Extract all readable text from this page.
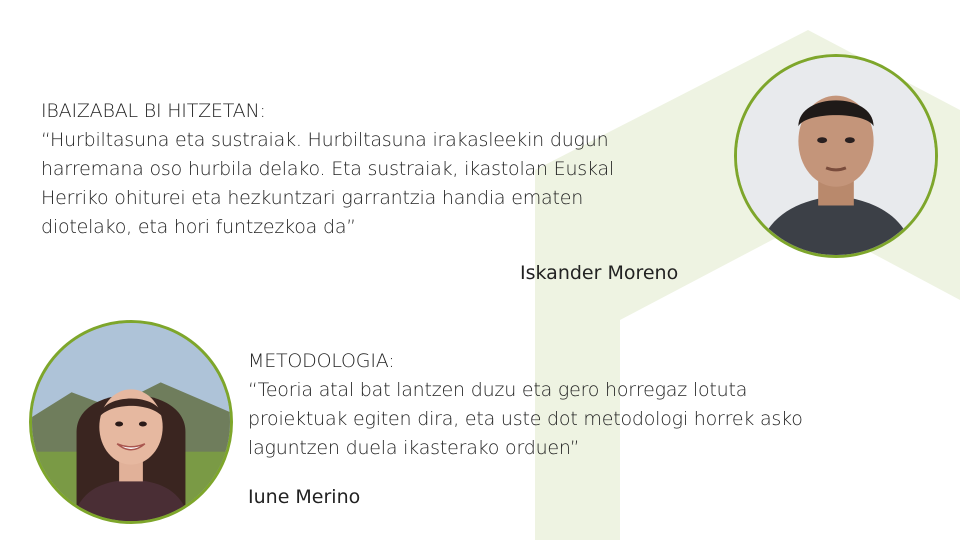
IBAIZABAL BI HITZETAN:

“Hurbiltasuna eta sustraiak. Hurbiltasuna irakasleekin dugun

harremana oso hurbila delako. Eta sustraiak, ikastolan Euskal

Herriko ohiturei eta hezkuntzari garrantzia handia ematen

diotelako, eta hori funtzezkoa da”

Iskander Moreno

METODOLOGIA:

“Teoria atal bat lantzen duzu eta gero horregaz lotuta

proiektuak egiten dira, eta uste dot metodologi horrek asko

laguntzen duela ikasterako orduen”

Iune Merino
